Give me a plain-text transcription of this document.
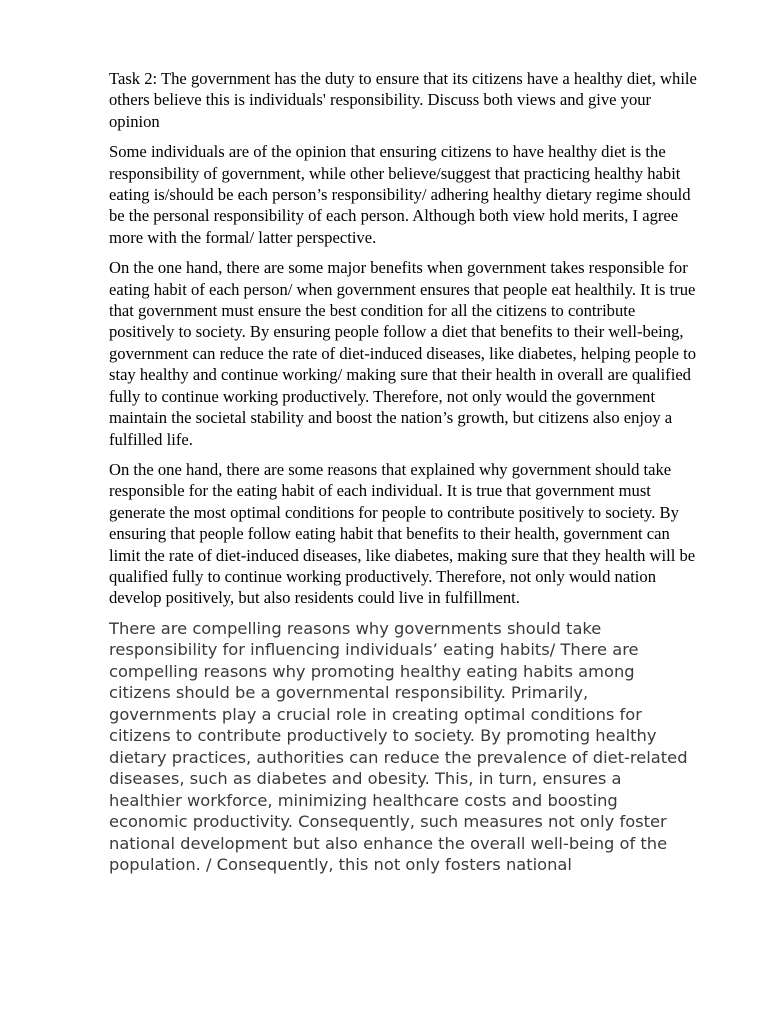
Task 2: The government has the duty to ensure that its citizens have a healthy diet, while others believe this is individuals' responsibility. Discuss both views and give your opinion

Some individuals are of the opinion that ensuring citizens to have healthy diet is the responsibility of government, while other believe/suggest that practicing healthy habit eating is/should be each person’s responsibility/ adhering healthy dietary regime should be the personal responsibility of each person. Although both view hold merits, I agree more with the formal/ latter perspective.

On the one hand, there are some major benefits when government takes responsible for eating habit of each person/ when government ensures that people eat healthily. It is true that government must ensure the best condition for all the citizens to contribute positively to society. By ensuring people follow a diet that benefits to their well-being, government can reduce the rate of diet-induced diseases, like diabetes, helping people to stay healthy and continue working/ making sure that their health in overall are qualified fully to continue working productively. Therefore, not only would the government maintain the societal stability and boost the nation’s growth, but citizens also enjoy a fulfilled life.

On the one hand, there are some reasons that explained why government should take responsible for the eating habit of each individual. It is true that government must generate the most optimal conditions for people to contribute positively to society. By ensuring that people follow eating habit that benefits to their health, government can limit the rate of diet-induced diseases, like diabetes, making sure that they health will be qualified fully to continue working productively. Therefore, not only would nation develop positively, but also residents could live in fulfillment.

There are compelling reasons why governments should take responsibility for influencing individuals’ eating habits/ There are compelling reasons why promoting healthy eating habits among citizens should be a governmental responsibility. Primarily, governments play a crucial role in creating optimal conditions for citizens to contribute productively to society. By promoting healthy dietary practices, authorities can reduce the prevalence of diet-related diseases, such as diabetes and obesity. This, in turn, ensures a healthier workforce, minimizing healthcare costs and boosting economic productivity. Consequently, such measures not only foster national development but also enhance the overall well-being of the population. / Consequently, this not only fosters national
